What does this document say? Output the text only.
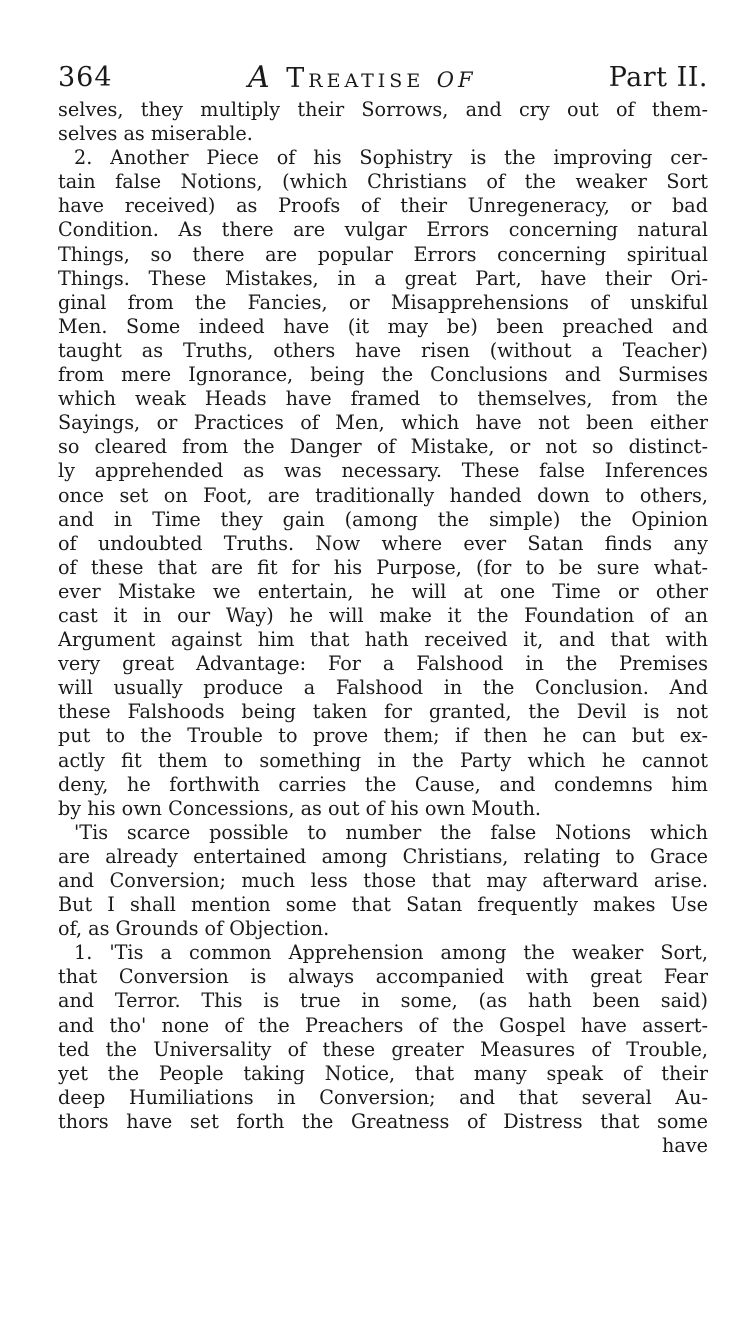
364	A Treatise of	Part II.
selves, they multiply their Sorrows, and cry out of them-
selves as miserable.
2. Another Piece of his Sophistry is the improving cer-
tain false Notions, (which Christians of the weaker Sort
have received) as Proofs of their Unregeneracy, or bad
Condition. As there are vulgar Errors concerning natural
Things, so there are popular Errors concerning spiritual
Things. These Mistakes, in a great Part, have their Ori-
ginal from the Fancies, or Misapprehensions of unskiful
Men. Some indeed have (it may be) been preached and
taught as Truths, others have risen (without a Teacher)
from mere Ignorance, being the Conclusions and Surmises
which weak Heads have framed to themselves, from the
Sayings, or Practices of Men, which have not been either
so cleared from the Danger of Mistake, or not so distinct-
ly apprehended as was necessary. These false Inferences
once set on Foot, are traditionally handed down to others,
and in Time they gain (among the simple) the Opinion
of undoubted Truths. Now where ever Satan finds any
of these that are fit for his Purpose, (for to be sure what-
ever Mistake we entertain, he will at one Time or other
cast it in our Way) he will make it the Foundation of an
Argument against him that hath received it, and that with
very great Advantage: For a Falshood in the Premises
will usually produce a Falshood in the Conclusion. And
these Falshoods being taken for granted, the Devil is not
put to the Trouble to prove them; if then he can but ex-
actly fit them to something in the Party which he cannot
deny, he forthwith carries the Cause, and condemns him
by his own Concessions, as out of his own Mouth.
'Tis scarce possible to number the false Notions which
are already entertained among Christians, relating to Grace
and Conversion; much less those that may afterward arise.
But I shall mention some that Satan frequently makes Use
of, as Grounds of Objection.
1. 'Tis a common Apprehension among the weaker Sort,
that Conversion is always accompanied with great Fear
and Terror. This is true in some, (as hath been said)
and tho' none of the Preachers of the Gospel have assert-
ted the Universality of these greater Measures of Trouble,
yet the People taking Notice, that many speak of their
deep Humiliations in Conversion; and that several Au-
thors have set forth the Greatness of Distress that some
have
